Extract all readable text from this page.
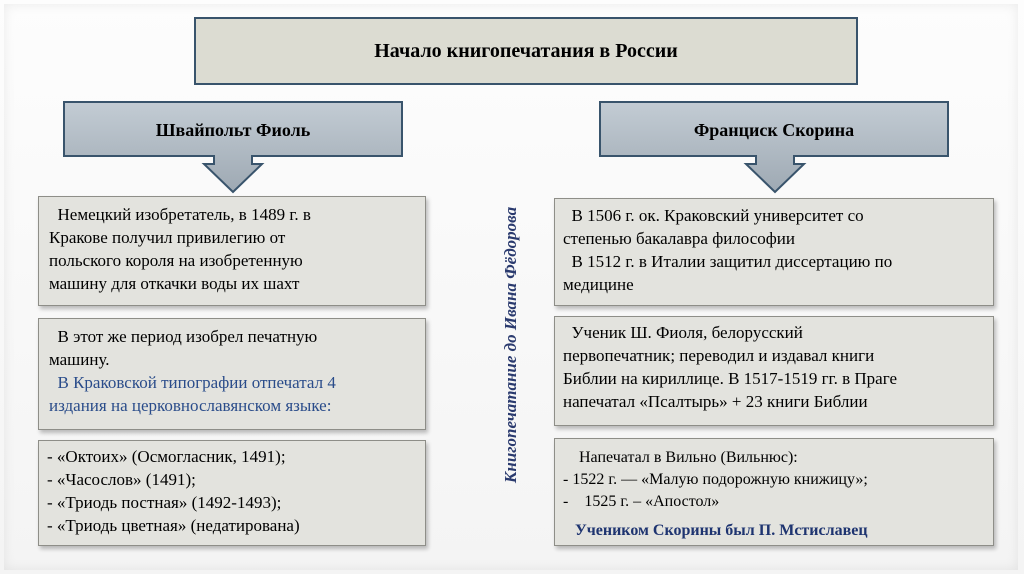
Начало книгопечатания в России
Швайпольт Фиоль	Франциск Скорина
Книгопечатание до Ивана Фёдорова
Немецкий изобретатель, в 1489 г. в
Кракове получил привилегию от
польского короля на изобретенную
машину для откачки воды их шахт
В этот же период изобрел печатную
машину.
В Краковской типографии отпечатал 4
издания на церковнославянском языке:
- «Октоих» (Осмогласник, 1491);
- «Часослов» (1491);
- «Триодь постная» (1492-1493);
- «Триодь цветная» (недатирована)
В 1506 г. ок. Краковский университет со
степенью бакалавра философии
В 1512 г. в Италии защитил диссертацию по
медицине
Ученик Ш. Фиоля, белорусский
первопечатник; переводил и издавал книги
Библии на кириллице. В 1517-1519 гг. в Праге
напечатал «Псалтырь» + 23 книги Библии
Напечатал в Вильно (Вильнюс):
- 1522 г. — «Малую подорожную книжицу»;
-    1525 г. – «Апостол»
Учеником Скорины был П. Мстиславец
